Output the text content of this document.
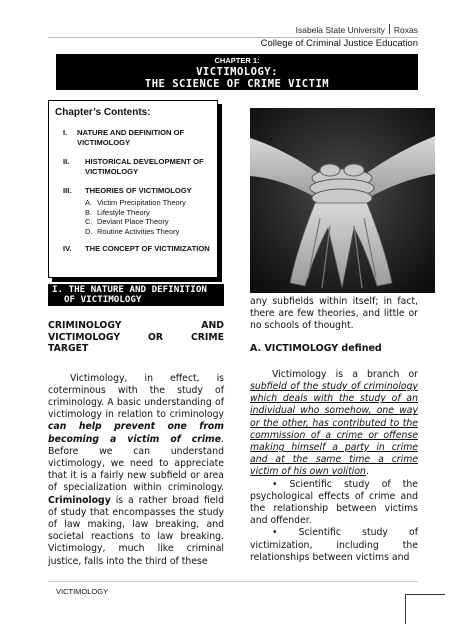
Isabela State University Roxas
College of Criminal Justice Education
CHAPTER 1:
VICTIMOLOGY:
THE SCIENCE OF CRIME VICTIM
Chapter’s Contents:
I.	NATURE AND DEFINITION OF VICTIMOLOGY
II.	HISTORICAL DEVELOPMENT OF VICTIMOLOGY
III.	THEORIES OF VICTIMOLOGY
A. Victim Precipitation Theory
B. Lifestyle Theory
C. Deviant Place Theory
D. Routine Activities Theory
IV.	THE CONCEPT OF VICTIMIZATION
I. THE NATURE AND DEFINITION
OF VICTIMOLOGY
CRIMINOLOGY AND
VICTIMOLOGY OR CRIME
TARGET

Victimology, in effect, is coterminous with the study of criminology. A basic understanding of victimology in relation to criminology can help prevent one from becoming a victim of crime. Before we can understand victimology, we need to appreciate that it is a fairly new subfield or area of specialization within criminology. Criminology is a rather broad field of study that encompasses the study of law making, law breaking, and societal reactions to law breaking. Victimology, much like criminal justice, falls into the third of these

any subfields within itself; in fact, there are few theories, and little or no schools of thought.

A. VICTIMOLOGY defined

Victimology is a branch or subfield of the study of criminology which deals with the study of an individual who somehow, one way or the other, has contributed to the commission of a crime or offense making himself a party in crime and at the same time a crime victim of his own volition.

• Scientific study of the psychological effects of crime and the relationship between victims and offender.

• Scientific study of victimization, including the relationships between victims and

VICTIMOLOGY
